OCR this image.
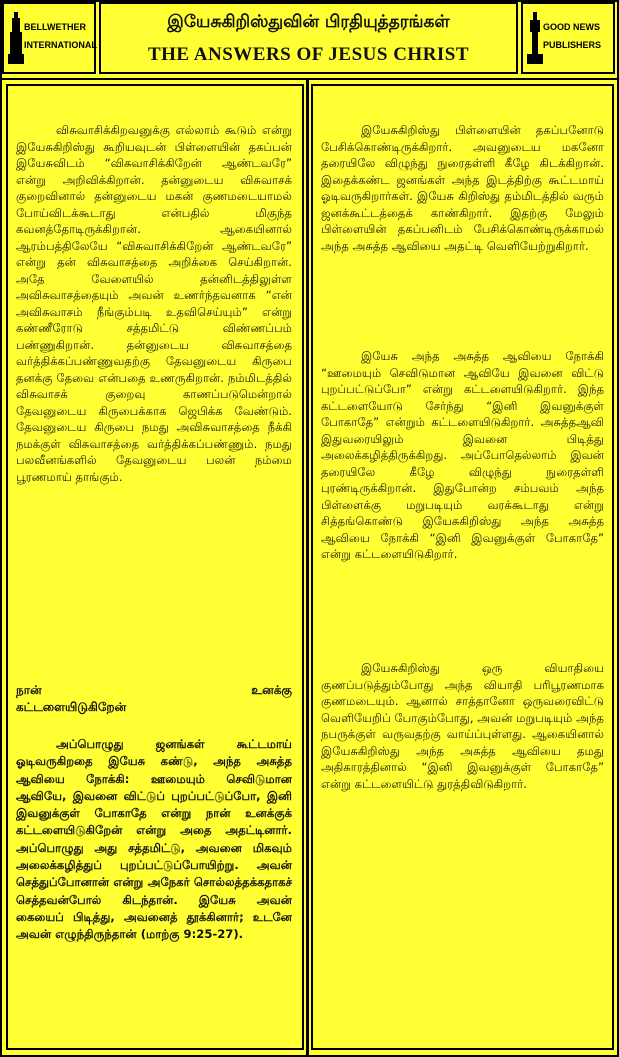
BELLWETHER
INTERNATIONAL
இயேசுகிறிஸ்துவின் பிரதியுத்தரங்கள்
THE ANSWERS OF JESUS CHRIST
GOOD NEWS
PUBLISHERS

விசுவாசிக்கிறவனுக்கு எல்லாம் கூடும் என்று இயேசுகிறிஸ்து கூறியவுடன் பிள்ளையின் தகப்பன் இயேசுவிடம் “விசுவாசிக்கிறேன் ஆண்டவரே” என்று அறிவிக்கிறான். தன்னுடைய விசுவாசக் குறைவினால் தன்னுடைய மகன் குணமடையாமல் போய்விடக்கூடாது என்பதில் மிகுந்த கவனத்தோடிருக்கிறான். ஆகையினால் ஆரம்பத்திலேயே “விசுவாசிக்கிறேன் ஆண்டவரே” என்று தன் விசுவாசத்தை அறிக்கை செய்கிறான். அதே வேளையில் தன்னிடத்திலுள்ள அவிசுவாசத்தையும் அவன் உணர்ந்தவனாக “என் அவிசுவாசம் நீங்கும்படி உதவிசெய்யும்” என்று கண்ணீரோடு சத்தமிட்டு விண்ணப்பம் பண்ணுகிறான். தன்னுடைய விசுவாசத்தை வர்த்திக்கப்பண்ணுவதற்கு தேவனுடைய கிருபை தனக்கு தேவை என்பதை உணருகிறான். நம்மிடத்தில் விசுவாசக் குறைவு காணப்படுமென்றால் தேவனுடைய கிருபைக்காக ஜெபிக்க வேண்டும். தேவனுடைய கிருபை நமது அவிசுவாசத்தை நீக்கி நமக்குள் விசுவாசத்தை வர்த்திக்கப்பண்ணும். நமது பலவீனங்களில் தேவனுடைய பலன் நம்மை பூரணமாய் தாங்கும்.

நான்	உனக்கு
கட்டளையிடுகிறேன்

அப்பொழுது ஜனங்கள் கூட்டமாய் ஓடிவருகிறதை இயேசு கண்டு, அந்த அசுத்த ஆவியை நோக்கி: ஊமையும் செவிடுமான ஆவியே, இவனை விட்டுப் புறப்பட்டுப்போ, இனி இவனுக்குள் போகாதே என்று நான் உனக்குக் கட்டளையிடுகிறேன் என்று அதை அதட்டினார். அப்பொழுது அது சத்தமிட்டு, அவனை மிகவும் அலைக்கழித்துப் புறப்பட்டுப்போயிற்று. அவன் செத்துப்போனான் என்று அநேகர் சொல்லத்தக்கதாகச் செத்தவன்போல் கிடந்தான். இயேசு அவன் கையைப் பிடித்து, அவனைத் தூக்கினார்; உடனே அவன் எழுந்திருந்தான் (மாற்கு 9:25-27).

இயேசுகிறிஸ்து பிள்ளையின் தகப்பனோடு பேசிக்கொண்டிருக்கிறார். அவனுடைய மகனோ தரையிலே விழுந்து நுரைதள்ளி கீழே கிடக்கிறான். இதைக்கண்ட ஜனங்கள் அந்த இடத்திற்கு கூட்டமாய் ஓடிவருகிறார்கள். இயேசு கிறிஸ்து தம்மிடத்தில் வரும் ஜனக்கூட்டத்தைக் காண்கிறார். இதற்கு மேலும் பிள்ளையின் தகப்பனிடம் பேசிக்கொண்டிருக்காமல் அந்த அசுத்த ஆவியை அதட்டி வெளியேற்றுகிறார்.

இயேசு அந்த அசுத்த ஆவியை நோக்கி “ஊமையும் செவிடுமான ஆவியே இவனை விட்டு புறப்பட்டுப்போ” என்று கட்டளையிடுகிறார். இந்த கட்டளையோடு சேர்ந்து “இனி இவனுக்குள் போகாதே” என்றும் கட்டளையிடுகிறார். அசுத்தஆவி இதுவரையிலும் இவனை பிடித்து அலைக்கழித்திருக்கிறது. அப்போதெல்லாம் இவன் தரையிலே கீழே விழுந்து நுரைதள்ளி புரண்டிருக்கிறான். இதுபோன்ற சம்பவம் அந்த பிள்ளைக்கு மறுபடியும் வரக்கூடாது என்று சித்தங்கொண்டு இயேசுகிறிஸ்து அந்த அசுத்த ஆவியை நோக்கி “இனி இவனுக்குள் போகாதே” என்று கட்டளையிடுகிறார்.

இயேசுகிறிஸ்து ஒரு வியாதியை குணப்படுத்தும்போது அந்த வியாதி பரிபூரணமாக குணமடையும். ஆனால் சாத்தானோ ஒருவரைவிட்டு வெளியேறிப் போகும்போது, அவன் மறுபடியும் அந்த நபருக்குள் வருவதற்கு வாய்ப்புள்ளது. ஆகையினால் இயேசுகிறிஸ்து அந்த அசுத்த ஆவியை தமது அதிகாரத்தினால் “இனி இவனுக்குள் போகாதே” என்று கட்டளையிட்டு துரத்திவிடுகிறார்.
